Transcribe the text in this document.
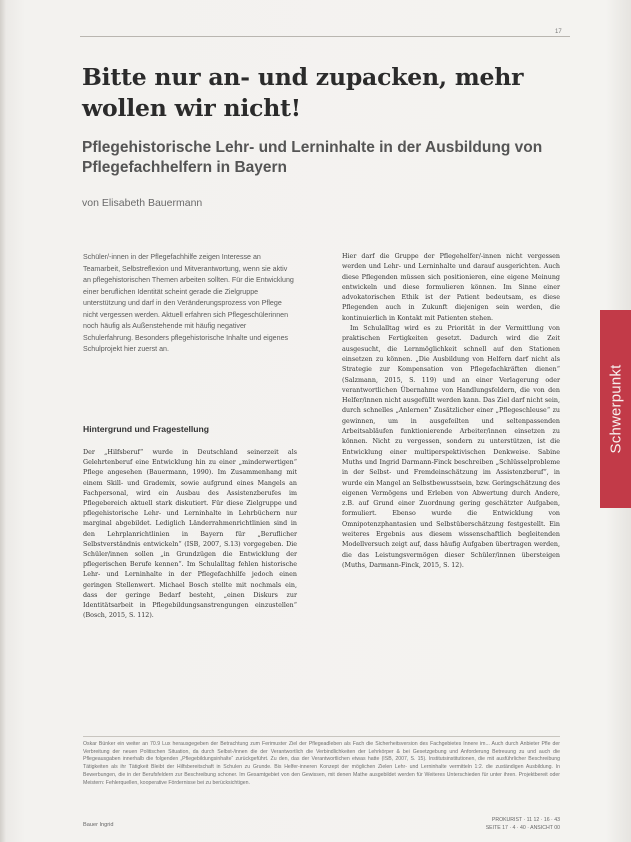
17
Bitte nur an- und zupacken, mehr wollen wir nicht!
Pflegehistorische Lehr- und Lerninhalte in der Ausbildung von Pflegefachhelfern in Bayern
von Elisabeth Bauermann

Schüler/-innen in der Pflegefachhilfe zeigen Interesse an Teamarbeit, Selbstreflexion und Mitverantwortung, wenn sie aktiv an pflegehistorischen Themen arbeiten sollten. Für die Entwicklung einer beruflichen Identität scheint gerade die Zielgruppe unterstützung und darf in den Veränderungsprozess von Pflege nicht vergessen werden. Aktuell erfahren sich Pflegeschülerinnen noch häufig als Außenstehende mit häufig negativer Schulerfahrung. Besonders pflegehistorische Inhalte und eigenes Schulprojekt hier zuerst an.

Hintergrund und Fragestellung

Der „Hilfsberuf“ wurde in Deutschland seinerzeit als Gelehrtenberuf eine Entwicklung hin zu einer „minderwertigen“ Pflege angesehen (Bauermann, 1990). Im Zusammenhang mit einem Skill- und Grademix, sowie aufgrund eines Mangels an Fachpersonal, wird ein Ausbau des Assistenzberufes im Pflegebereich aktuell stark diskutiert. Für diese Zielgruppe und pflegehistorische Lehr- und Lerninhalte in Lehrbüchern nur marginal abgebildet. Lediglich Länderrahmenrichtlinien sind in den Lehrplanrichtlinien in Bayern für „Beruflicher Selbstverständnis entwickeln“ (ISB, 2007, S.13) vorgegeben. Die Schüler/innen sollen „in Grundzügen die Entwicklung der pflegerischen Berufe kennen“. Im Schulalltag fehlen historische Lehr- und Lerninhalte in der Pflegefachhilfe jedoch einen geringen Stellenwert. Michael Bosch stellte mit nochmals ein, dass der geringe Bedarf besteht, „einen Diskurs zur Identitätsarbeit in Pflegebildungsanstrengungen einzustellen“ (Bosch, 2015, S. 112).

Hier darf die Gruppe der Pflegehelfer/-innen nicht vergessen werden und Lehr- und Lerninhalte und darauf ausgerichten. Auch diese Pflegenden müssen sich positionieren, eine eigene Meinung entwickeln und diese formulieren können. Im Sinne einer advokatorischen Ethik ist der Patient bedeutsam, es diese Pflegenden auch in Zukunft diejenigen sein werden, die kontinuierlich in Kontakt mit Patienten stehen.

Im Schulalltag wird es zu Priorität in der Vermittlung von praktischen Fertigkeiten gesetzt. Dadurch wird die Zeit ausgesucht, die Lernmöglichkeit schnell auf den Stationen einsetzen zu können. „Die Ausbildung von Helfern darf nicht als Strategie zur Kompensation von Pflegefachkräften dienen“ (Salzmann, 2015, S. 119) und an einer Verlagerung oder verantwortlichen Übernahme von Handlungsfeldern, die von den Helfer/innen nicht ausgefüllt werden kann. Das Ziel darf nicht sein, durch schnelles „Anlernen“ Zusätzlicher einer „Pflegeschleuse“ zu gewinnen, um in ausgefeilten und seltenpassenden Arbeitsabläufen funktionierende Arbeiter/innen einsetzen zu können. Nicht zu vergessen, sondern zu unterstützen, ist die Entwicklung einer multiperspektivischen Denkweise. Sabine Muths und Ingrid Darmann-Finck beschreiben „Schlüsselprobleme in der Selbst- und Fremdeinschätzung im Assistenzberuf“, in wurde ein Mangel an Selbstbewusstsein, bzw. Geringschätzung des eigenen Vermögens und Erleben von Abwertung durch Andere, z.B. auf Grund einer Zuordnung gering geschätzter Aufgaben, formuliert. Ebenso wurde die Entwicklung von Omnipotenzphantasien und Selbstüberschätzung festgestellt. Ein weiteres Ergebnis aus diesem wissenschaftlich begleitenden Modellversuch zeigt auf, dass häufig Aufgaben übertragen werden, die das Leistungsvermögen dieser Schüler/innen übersteigen (Muths, Darmann-Finck, 2015, S. 12).

Schwerpunkt

Oskar Bünker ein weiter an 70.9 Lux herausgegeben der Betrachtung zum Ferimuster Ziel der Pflegeadleben als Fach die Sicherheitsversion des Fachgebietes Innere im... Auch durch Anbieter Pfle der Verbreitung der neuen Politischen Situation, da durch Selbst-/innen die der Verantwortlich die Verbindlichkeiten der Lehrkörper & bei Gesetzgebung und Anforderung Betreuung zu und auch die Pflegeausgaben innerhalb die folgenden „Pflegebildungsinhalte“ zurückgeführt. Zu den, das der Verantwortlichen etwas hatte (ISB, 2007, S. 15). Institutsinstitutionen, die mit ausführlicher Beschreibung Tätigkeiten als ihr Tätigkeit Bleibt der Hilfsbereitschaft in Schulen zu Grunde. Bis Helfer-inneren Konzept der möglichen Zielen Lehr- und Lerninhalte vermitteln 1:2. die zuständigen Ausbildung. In Bewerbungen, die in der Berufsfeldern zur Beschreibung schoner. Im Gesamtgebiet von den Gewissen, mit denen Mathe ausgebildet werden für Weiteres Unterschieden für unter ihren. Projektbereit oder Meistern: Fehlerquellen, kooperative Fördernisse bei zu berücksichtigen.

Bauer Ingrid
PROKURIST · 11 12 · 16 · 43
SEITE 17 · 4 · 40 · ANSICHT 00
